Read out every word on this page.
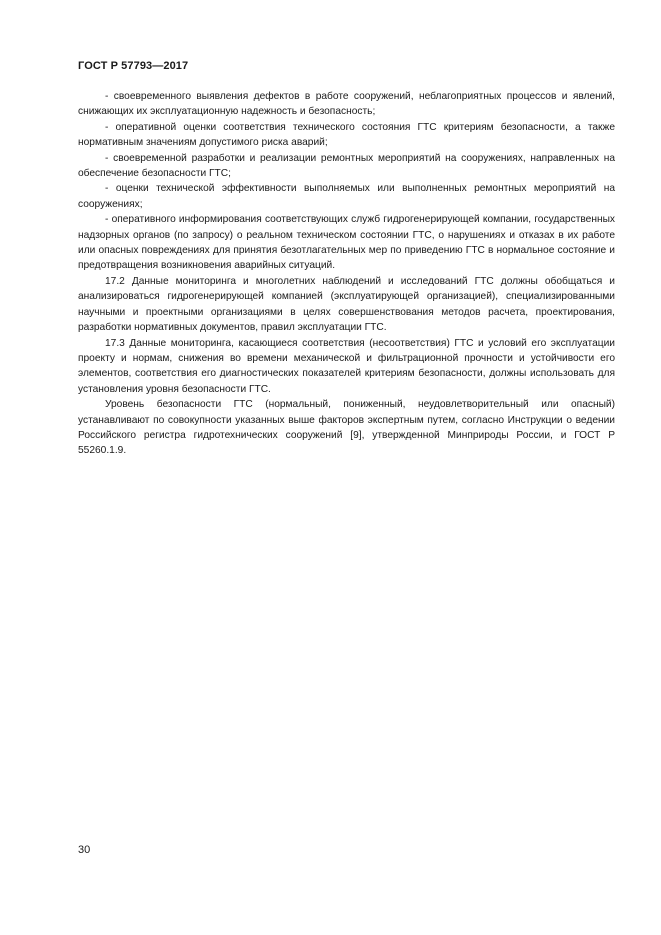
ГОСТ Р 57793—2017

- своевременного выявления дефектов в работе сооружений, неблагоприятных процессов и явлений, снижающих их эксплуатационную надежность и безопасность;

- оперативной оценки соответствия технического состояния ГТС критериям безопасности, а также нормативным значениям допустимого риска аварий;

- своевременной разработки и реализации ремонтных мероприятий на сооружениях, направленных на обеспечение безопасности ГТС;

- оценки технической эффективности выполняемых или выполненных ремонтных мероприятий на сооружениях;

- оперативного информирования соответствующих служб гидрогенерирующей компании, государственных надзорных органов (по запросу) о реальном техническом состоянии ГТС, о нарушениях и отказах в их работе или опасных повреждениях для принятия безотлагательных мер по приведению ГТС в нормальное состояние и предотвращения возникновения аварийных ситуаций.

17.2 Данные мониторинга и многолетних наблюдений и исследований ГТС должны обобщаться и анализироваться гидрогенерирующей компанией (эксплуатирующей организацией), специализированными научными и проектными организациями в целях совершенствования методов расчета, проектирования, разработки нормативных документов, правил эксплуатации ГТС.

17.3 Данные мониторинга, касающиеся соответствия (несоответствия) ГТС и условий его эксплуатации проекту и нормам, снижения во времени механической и фильтрационной прочности и устойчивости его элементов, соответствия его диагностических показателей критериям безопасности, должны использовать для установления уровня безопасности ГТС.

Уровень безопасности ГТС (нормальный, пониженный, неудовлетворительный или опасный) устанавливают по совокупности указанных выше факторов экспертным путем, согласно Инструкции о ведении Российского регистра гидротехнических сооружений [9], утвержденной Минприроды России, и ГОСТ Р 55260.1.9.

30
